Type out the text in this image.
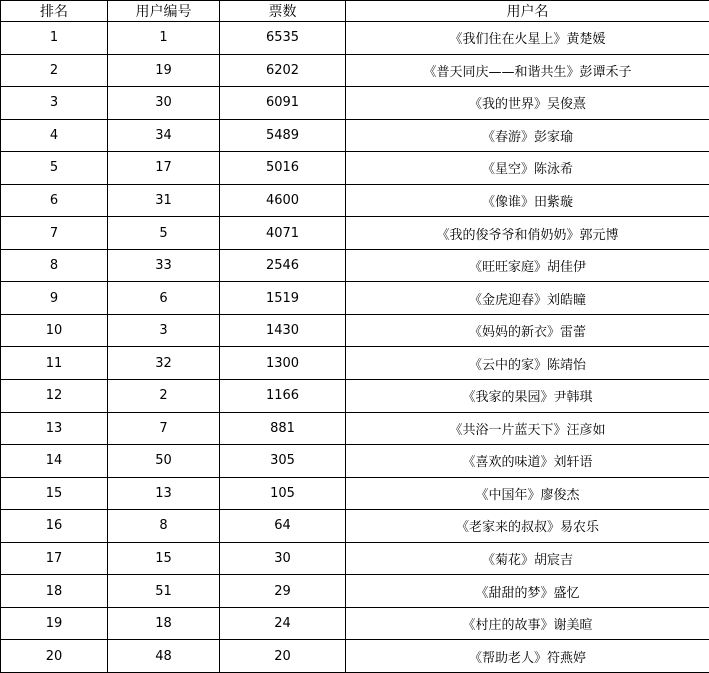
排名	用户编号	票数	用户名
1	1	6535	《我们住在火星上》黄楚媛
2	19	6202	《普天同庆——和谐共生》彭谭禾子
3	30	6091	《我的世界》吴俊熹
4	34	5489	《春游》彭家瑜
5	17	5016	《星空》陈泳希
6	31	4600	《像谁》田紫璇
7	5	4071	《我的俊爷爷和俏奶奶》郭元博
8	33	2546	《旺旺家庭》胡佳伊
9	6	1519	《金虎迎春》刘皓瞳
10	3	1430	《妈妈的新衣》雷蕾
11	32	1300	《云中的家》陈靖怡
12	2	1166	《我家的果园》尹韩琪
13	7	881	《共浴一片蓝天下》汪彦如
14	50	305	《喜欢的味道》刘轩语
15	13	105	《中国年》廖俊杰
16	8	64	《老家来的叔叔》易农乐
17	15	30	《菊花》胡宸吉
18	51	29	《甜甜的梦》盛忆
19	18	24	《村庄的故事》谢美暄
20	48	20	《帮助老人》符燕婷
